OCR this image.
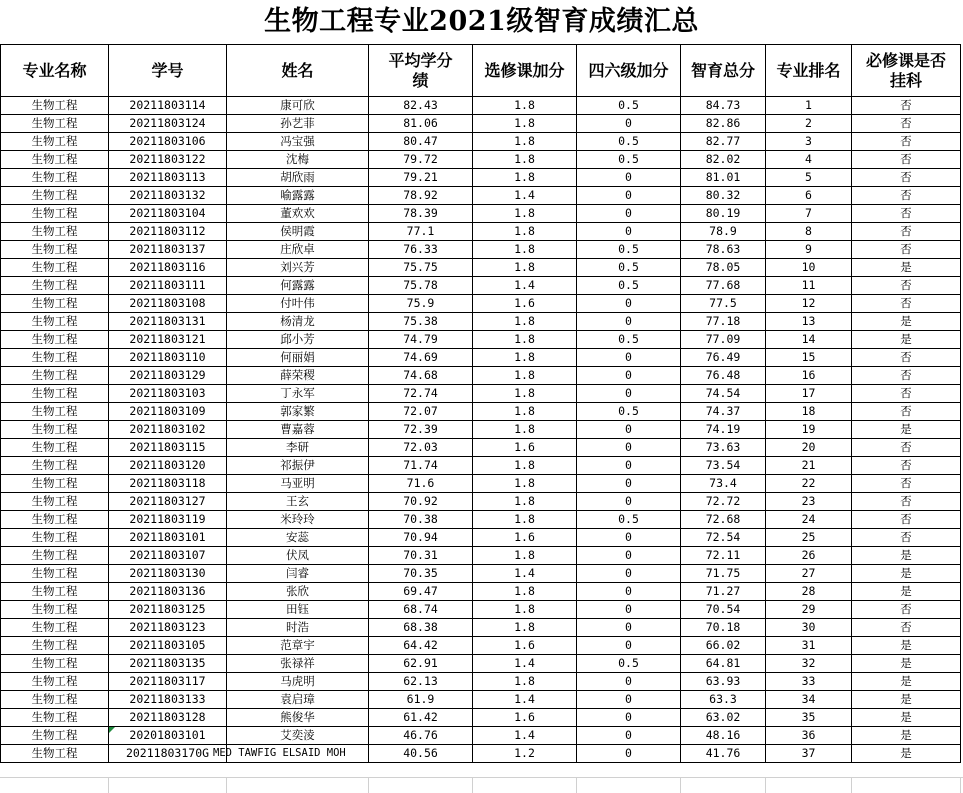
生物工程专业2021级智育成绩汇总
专业名称	学号	姓名	平均学分绩	选修课加分	四六级加分	智育总分	专业排名	必修课是否挂科
生物工程	20211803114	康可欣	82.43	1.8	0.5	84.73	1	否
生物工程	20211803124	孙艺菲	81.06	1.8	0	82.86	2	否
生物工程	20211803106	冯宝强	80.47	1.8	0.5	82.77	3	否
生物工程	20211803122	沈梅	79.72	1.8	0.5	82.02	4	否
生物工程	20211803113	胡欣雨	79.21	1.8	0	81.01	5	否
生物工程	20211803132	喻露露	78.92	1.4	0	80.32	6	否
生物工程	20211803104	董欢欢	78.39	1.8	0	80.19	7	否
生物工程	20211803112	侯明霞	77.1	1.8	0	78.9	8	否
生物工程	20211803137	庄欣卓	76.33	1.8	0.5	78.63	9	否
生物工程	20211803116	刘兴芳	75.75	1.8	0.5	78.05	10	是
生物工程	20211803111	何露露	75.78	1.4	0.5	77.68	11	否
生物工程	20211803108	付叶伟	75.9	1.6	0	77.5	12	否
生物工程	20211803131	杨清龙	75.38	1.8	0	77.18	13	是
生物工程	20211803121	邱小芳	74.79	1.8	0.5	77.09	14	是
生物工程	20211803110	何丽娟	74.69	1.8	0	76.49	15	否
生物工程	20211803129	薛荣稷	74.68	1.8	0	76.48	16	否
生物工程	20211803103	丁永军	72.74	1.8	0	74.54	17	否
生物工程	20211803109	郭家繁	72.07	1.8	0.5	74.37	18	否
生物工程	20211803102	曹嘉蓉	72.39	1.8	0	74.19	19	是
生物工程	20211803115	李研	72.03	1.6	0	73.63	20	否
生物工程	20211803120	祁振伊	71.74	1.8	0	73.54	21	否
生物工程	20211803118	马亚明	71.6	1.8	0	73.4	22	否
生物工程	20211803127	王玄	70.92	1.8	0	72.72	23	否
生物工程	20211803119	米玲玲	70.38	1.8	0.5	72.68	24	否
生物工程	20211803101	安蕊	70.94	1.6	0	72.54	25	否
生物工程	20211803107	伏凤	70.31	1.8	0	72.11	26	是
生物工程	20211803130	闫睿	70.35	1.4	0	71.75	27	是
生物工程	20211803136	张欣	69.47	1.8	0	71.27	28	是
生物工程	20211803125	田钰	68.74	1.8	0	70.54	29	否
生物工程	20211803123	时浩	68.38	1.8	0	70.18	30	否
生物工程	20211803105	范章宇	64.42	1.6	0	66.02	31	是
生物工程	20211803135	张禄祥	62.91	1.4	0.5	64.81	32	是
生物工程	20211803117	马虎明	62.13	1.8	0	63.93	33	是
生物工程	20211803133	袁启璋	61.9	1.4	0	63.3	34	是
生物工程	20211803128	熊俊华	61.42	1.6	0	63.02	35	是
生物工程	20201803101	艾奕淩	46.76	1.4	0	48.16	36	是
生物工程	20211803170G	MED TAWFIG ELSAID MOH	40.56	1.2	0	41.76	37	是
